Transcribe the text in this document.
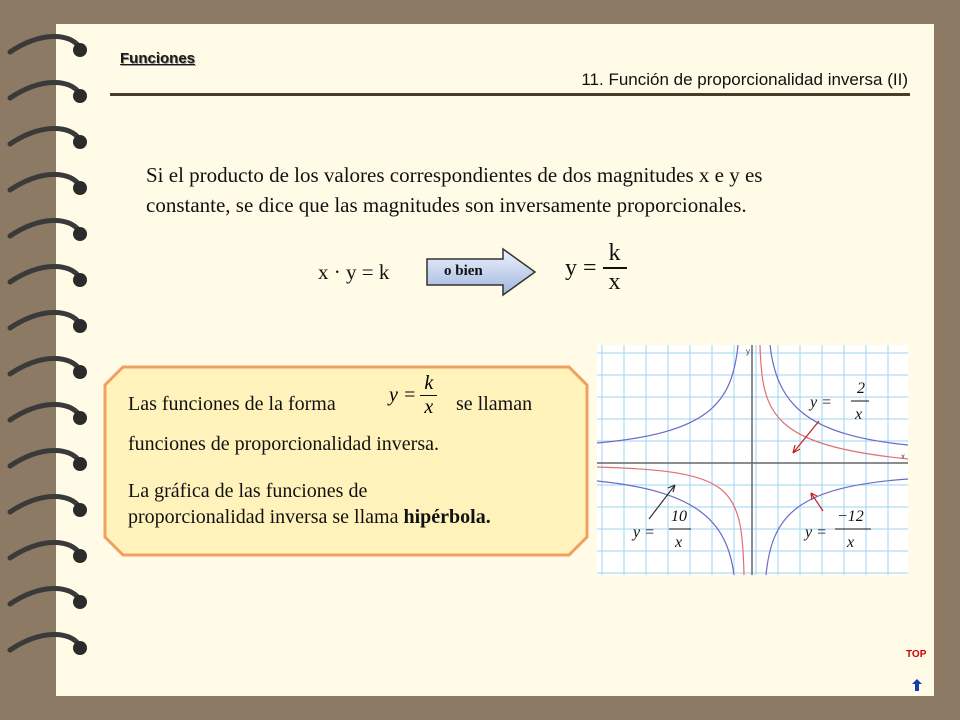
Funciones
11. Función de proporcionalidad inversa (II)
Si el producto de los valores correspondientes de dos magnitudes x e y es
constante, se dice que las magnitudes son inversamente proporcionales.
x · y = k	o bien	y =	k
x
Las funciones de la forma	y =	k
x se llaman
funciones de proporcionalidad inversa.
La gráfica de las funciones de
proporcionalidad inversa se llama hipérbola.
y
x
y =
2
x
y =
10
x
y =
−12
x
TOP
